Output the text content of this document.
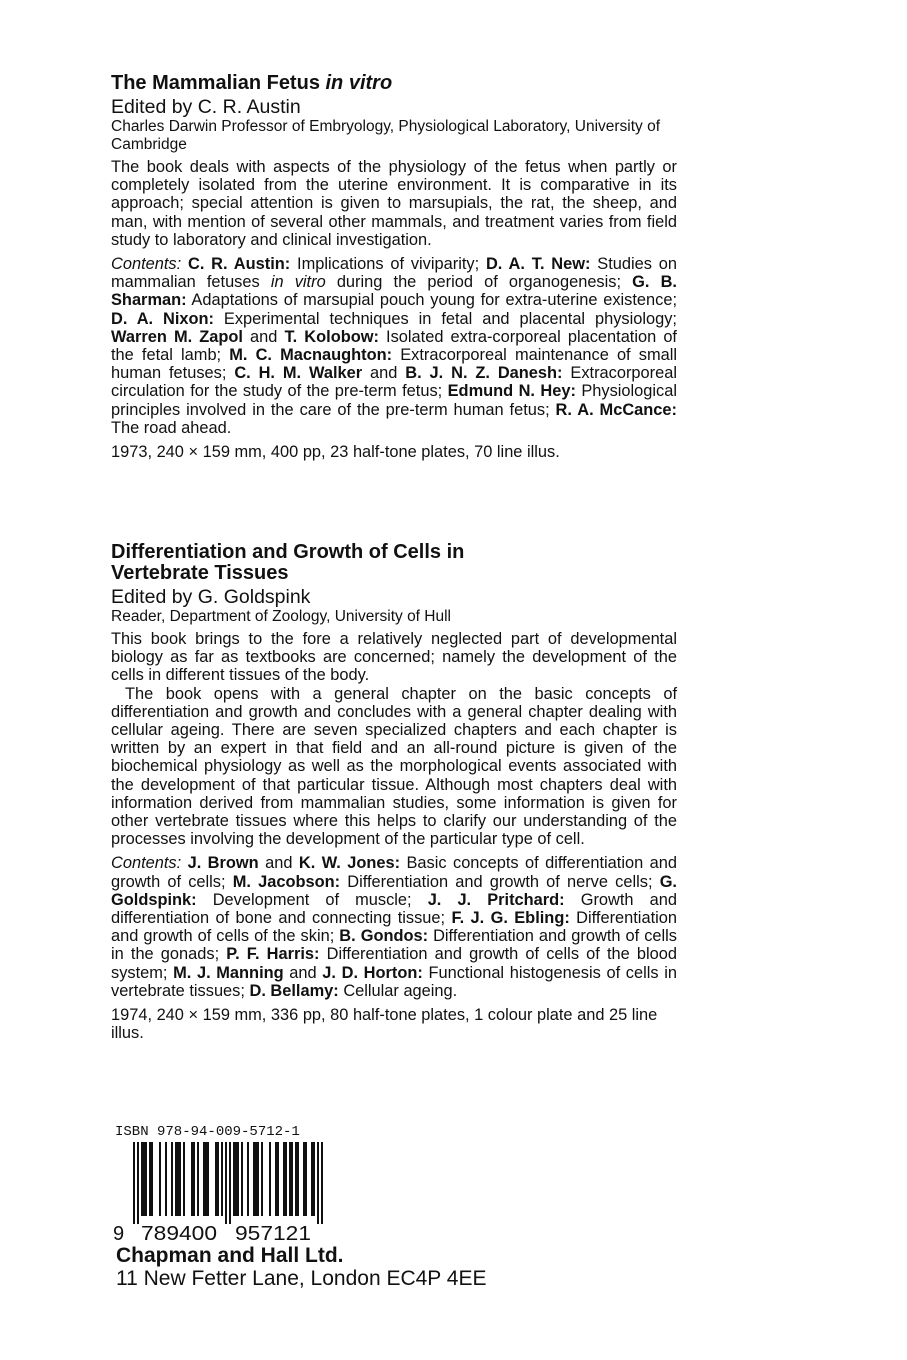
The Mammalian Fetus in vitro
Edited by C. R. Austin
Charles Darwin Professor of Embryology, Physiological Laboratory, University of Cambridge

The book deals with aspects of the physiology of the fetus when partly or completely isolated from the uterine environment. It is comparative in its approach; special attention is given to marsupials, the rat, the sheep, and man, with mention of several other mammals, and treatment varies from field study to laboratory and clinical investigation.

Contents: C. R. Austin: Implications of viviparity; D. A. T. New: Studies on mammalian fetuses in vitro during the period of organogenesis; G. B. Sharman: Adaptations of marsupial pouch young for extra-uterine existence; D. A. Nixon: Experimental techniques in fetal and placental physiology; Warren M. Zapol and T. Kolobow: Isolated extra-corporeal placentation of the fetal lamb; M. C. Macnaughton: Extracorporeal maintenance of small human fetuses; C. H. M. Walker and B. J. N. Z. Danesh: Extracorporeal circulation for the study of the pre-term fetus; Edmund N. Hey: Physiological principles involved in the care of the pre-term human fetus; R. A. McCance: The road ahead.

1973, 240 × 159 mm, 400 pp, 23 half-tone plates, 70 line illus.

Differentiation and Growth of Cells in
Vertebrate Tissues
Edited by G. Goldspink
Reader, Department of Zoology, University of Hull

This book brings to the fore a relatively neglected part of developmental biology as far as textbooks are concerned; namely the development of the cells in different tissues of the body.

The book opens with a general chapter on the basic concepts of differentiation and growth and concludes with a general chapter dealing with cellular ageing. There are seven specialized chapters and each chapter is written by an expert in that field and an all-round picture is given of the biochemical physiology as well as the morphological events associated with the development of that particular tissue. Although most chapters deal with information derived from mammalian studies, some information is given for other vertebrate tissues where this helps to clarify our understanding of the processes involving the development of the particular type of cell.

Contents: J. Brown and K. W. Jones: Basic concepts of differentiation and growth of cells; M. Jacobson: Differentiation and growth of nerve cells; G. Goldspink: Development of muscle; J. J. Pritchard: Growth and differentiation of bone and connecting tissue; F. J. G. Ebling: Differentiation and growth of cells of the skin; B. Gondos: Differentiation and growth of cells in the gonads; P. F. Harris: Differentiation and growth of cells of the blood system; M. J. Manning and J. D. Horton: Functional histogenesis of cells in vertebrate tissues; D. Bellamy: Cellular ageing.

1974, 240 × 159 mm, 336 pp, 80 half-tone plates, 1 colour plate and 25 line illus.

ISBN 978-94-009-5712-1
9 789400 957121
Chapman and Hall Ltd.
11 New Fetter Lane, London EC4P 4EE
